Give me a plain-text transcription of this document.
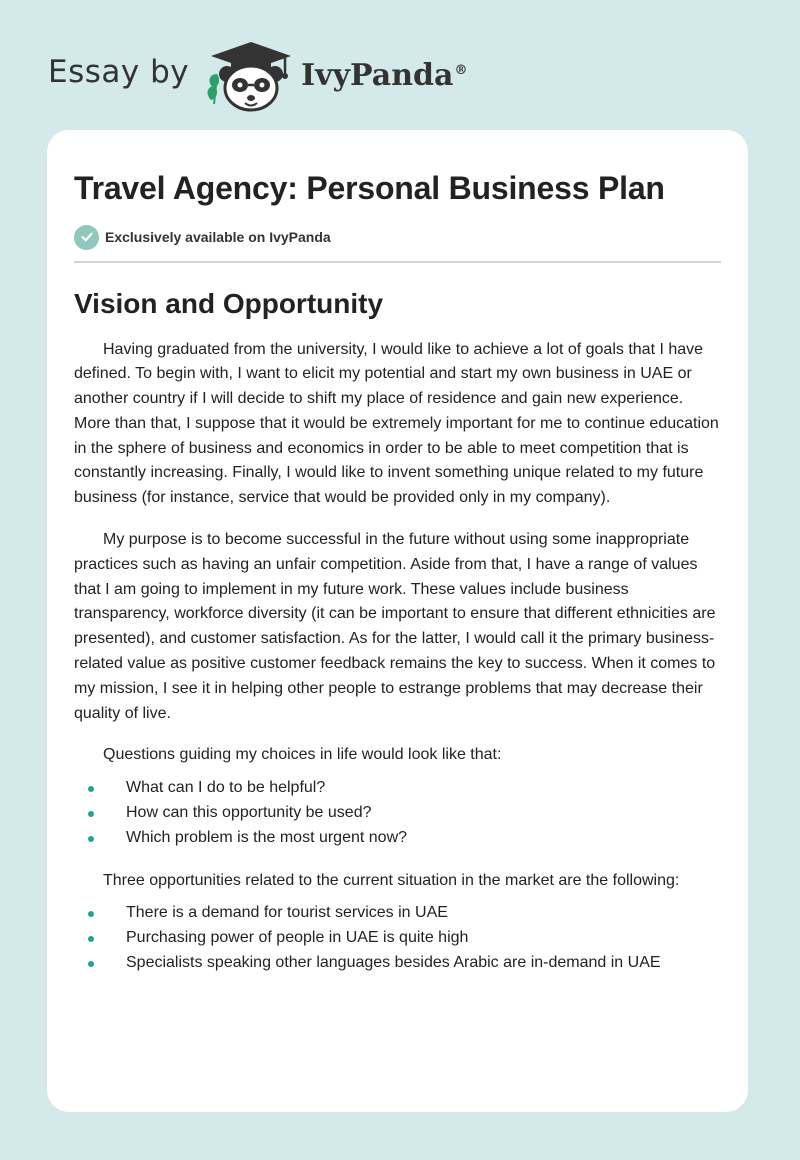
Essay by	IvyPanda®
Travel Agency: Personal Business Plan
Exclusively available on IvyPanda
Vision and Opportunity

Having graduated from the university, I would like to achieve a lot of goals that I have defined. To begin with, I want to elicit my potential and start my own business in UAE or another country if I will decide to shift my place of residence and gain new experience. More than that, I suppose that it would be extremely important for me to continue education in the sphere of business and economics in order to be able to meet competition that is constantly increasing. Finally, I would like to invent something unique related to my future business (for instance, service that would be provided only in my company).

My purpose is to become successful in the future without using some inappropriate practices such as having an unfair competition. Aside from that, I have a range of values that I am going to implement in my future work. These values include business transparency, workforce diversity (it can be important to ensure that different ethnicities are presented), and customer satisfaction. As for the latter, I would call it the primary business-related value as positive customer feedback remains the key to success. When it comes to my mission, I see it in helping other people to estrange problems that may decrease their quality of live.

Questions guiding my choices in life would look like that:

What can I do to be helpful?
How can this opportunity be used?
Which problem is the most urgent now?

Three opportunities related to the current situation in the market are the following:

There is a demand for tourist services in UAE
Purchasing power of people in UAE is quite high
Specialists speaking other languages besides Arabic are in-demand in UAE
